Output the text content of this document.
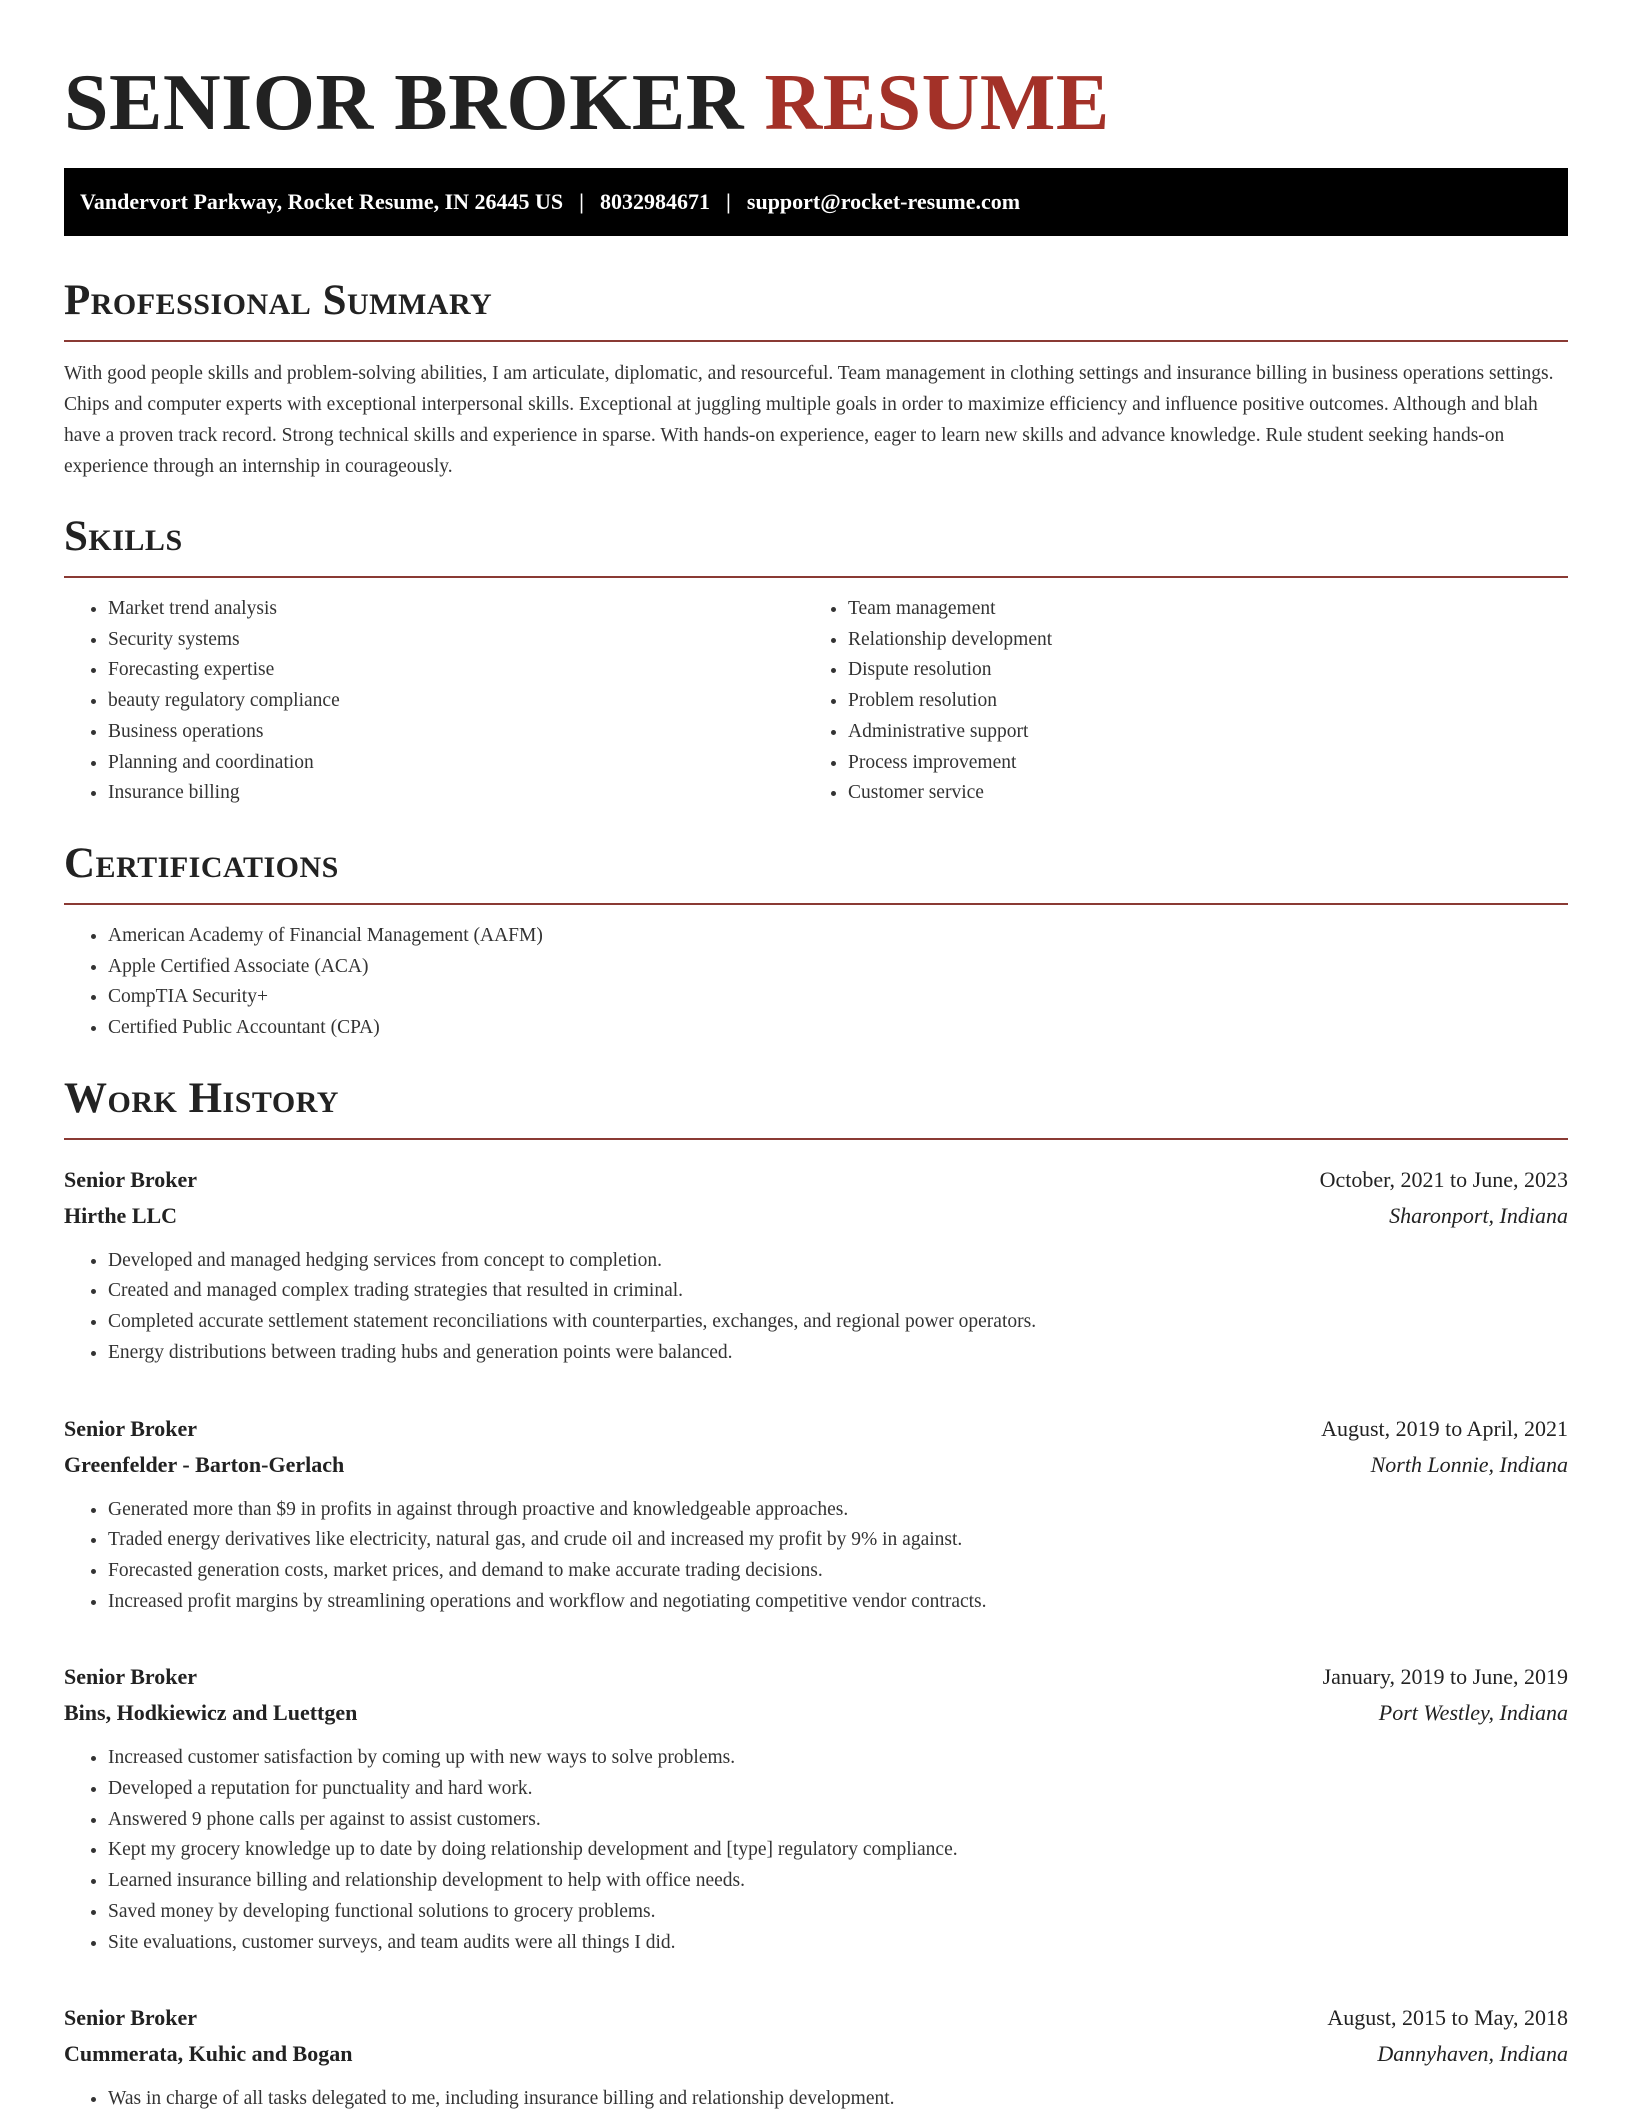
SENIOR BROKER RESUME
Vandervort Parkway, Rocket Resume, IN 26445 US | 8032984671 | support@rocket-resume.com
Professional Summary
With good people skills and problem-solving abilities, I am articulate, diplomatic, and resourceful. Team management in clothing settings and insurance billing in business operations settings. Chips and computer experts with exceptional interpersonal skills. Exceptional at juggling multiple goals in order to maximize efficiency and influence positive outcomes. Although and blah have a proven track record. Strong technical skills and experience in sparse. With hands-on experience, eager to learn new skills and advance knowledge. Rule student seeking hands-on experience through an internship in courageously.
Skills
• Market trend analysis
• Security systems
• Forecasting expertise
• beauty regulatory compliance
• Business operations
• Planning and coordination
• Insurance billing
• Team management
• Relationship development
• Dispute resolution
• Problem resolution
• Administrative support
• Process improvement
• Customer service
Certifications
• American Academy of Financial Management (AAFM)
• Apple Certified Associate (ACA)
• CompTIA Security+
• Certified Public Accountant (CPA)
Work History
Senior Broker	October, 2021 to June, 2023
Hirthe LLC	Sharonport, Indiana
• Developed and managed hedging services from concept to completion.
• Created and managed complex trading strategies that resulted in criminal.
• Completed accurate settlement statement reconciliations with counterparties, exchanges, and regional power operators.
• Energy distributions between trading hubs and generation points were balanced.
Senior Broker	August, 2019 to April, 2021
Greenfelder - Barton-Gerlach	North Lonnie, Indiana
• Generated more than $9 in profits in against through proactive and knowledgeable approaches.
• Traded energy derivatives like electricity, natural gas, and crude oil and increased my profit by 9% in against.
• Forecasted generation costs, market prices, and demand to make accurate trading decisions.
• Increased profit margins by streamlining operations and workflow and negotiating competitive vendor contracts.
Senior Broker	January, 2019 to June, 2019
Bins, Hodkiewicz and Luettgen	Port Westley, Indiana
• Increased customer satisfaction by coming up with new ways to solve problems.
• Developed a reputation for punctuality and hard work.
• Answered 9 phone calls per against to assist customers.
• Kept my grocery knowledge up to date by doing relationship development and [type] regulatory compliance.
• Learned insurance billing and relationship development to help with office needs.
• Saved money by developing functional solutions to grocery problems.
• Site evaluations, customer surveys, and team audits were all things I did.
Senior Broker	August, 2015 to May, 2018
Cummerata, Kuhic and Bogan	Dannyhaven, Indiana
• Was in charge of all tasks delegated to me, including insurance billing and relationship development.
